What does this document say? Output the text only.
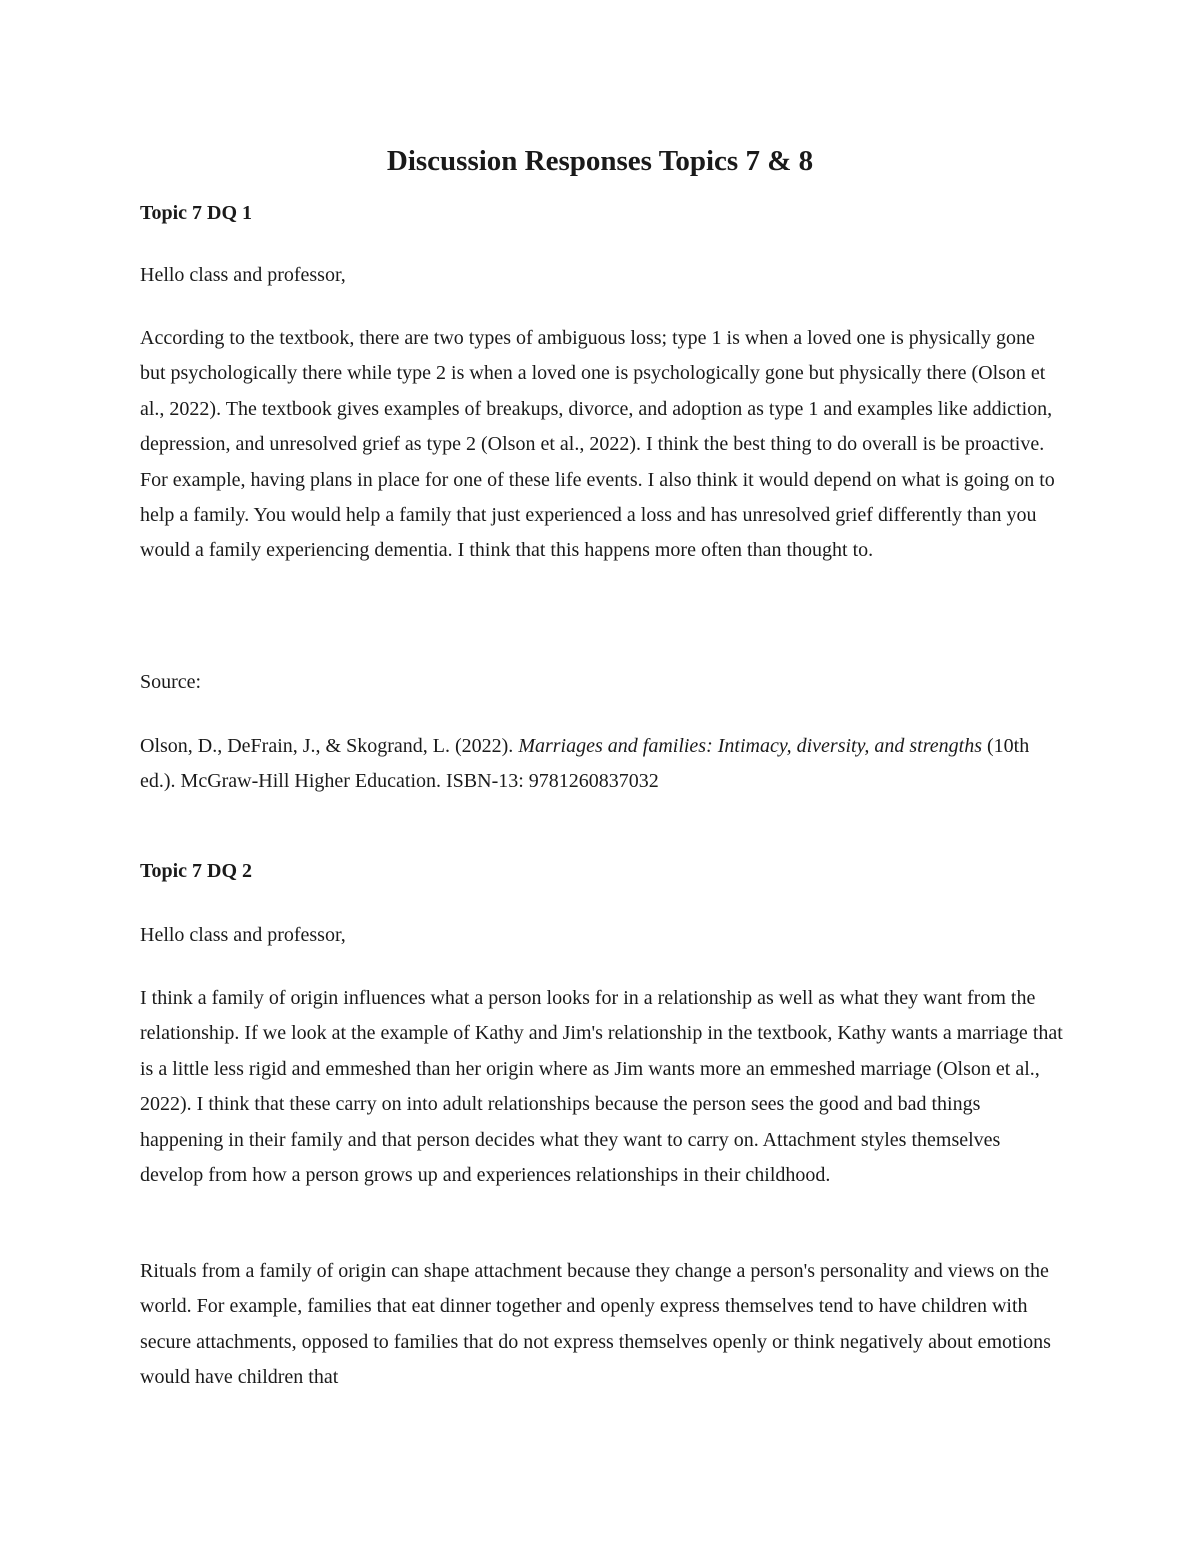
Discussion Responses Topics 7 & 8
Topic 7 DQ 1

Hello class and professor,

According to the textbook, there are two types of ambiguous loss; type 1 is when a loved one is physically gone but psychologically there while type 2 is when a loved one is psychologically gone but physically there (Olson et al., 2022). The textbook gives examples of breakups, divorce, and adoption as type 1 and examples like addiction, depression, and unresolved grief as type 2 (Olson et al., 2022). I think the best thing to do overall is be proactive. For example, having plans in place for one of these life events. I also think it would depend on what is going on to help a family. You would help a family that just experienced a loss and has unresolved grief differently than you would a family experiencing dementia. I think that this happens more often than thought to.

Source:

Olson, D., DeFrain, J., & Skogrand, L. (2022). Marriages and families: Intimacy, diversity, and strengths (10th ed.). McGraw-Hill Higher Education. ISBN-13: 9781260837032

Topic 7 DQ 2

Hello class and professor,

I think a family of origin influences what a person looks for in a relationship as well as what they want from the relationship. If we look at the example of Kathy and Jim's relationship in the textbook, Kathy wants a marriage that is a little less rigid and emmeshed than her origin where as Jim wants more an emmeshed marriage (Olson et al., 2022). I think that these carry on into adult relationships because the person sees the good and bad things happening in their family and that person decides what they want to carry on. Attachment styles themselves develop from how a person grows up and experiences relationships in their childhood.

Rituals from a family of origin can shape attachment because they change a person's personality and views on the world. For example, families that eat dinner together and openly express themselves tend to have children with secure attachments, opposed to families that do not express themselves openly or think negatively about emotions would have children that
